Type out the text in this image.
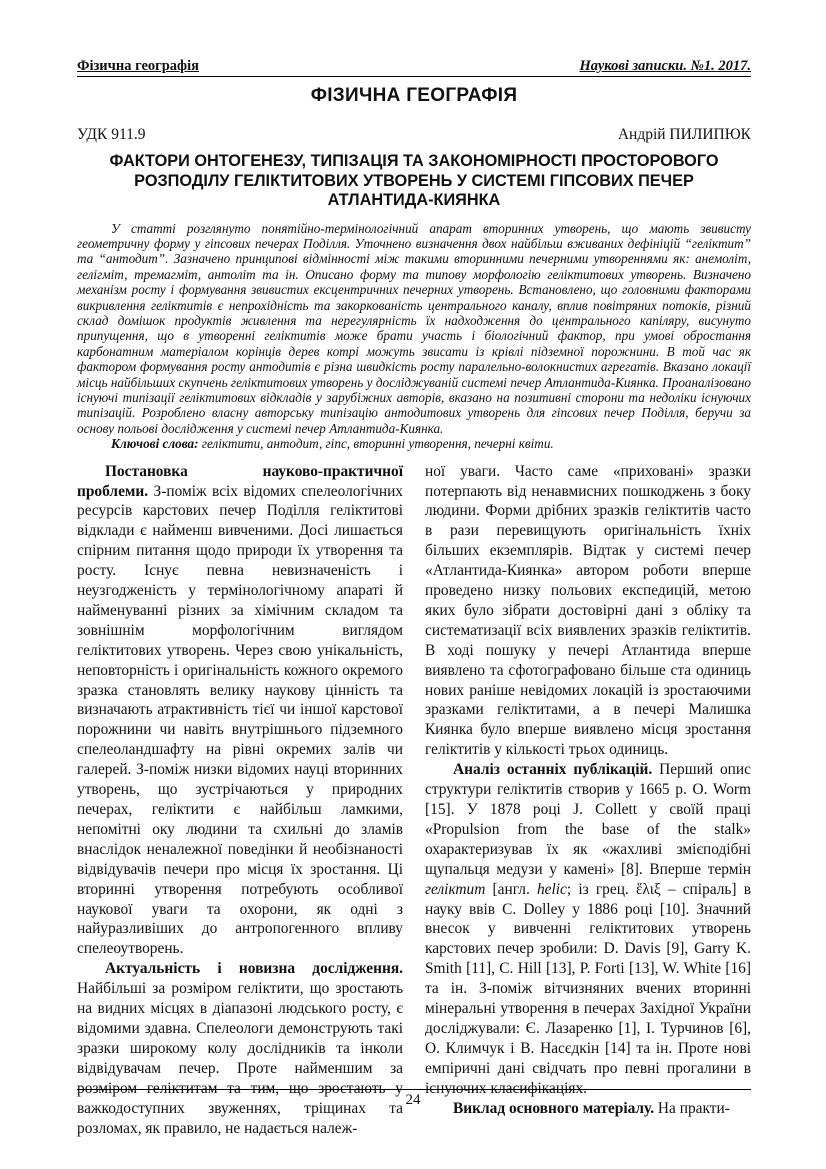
Фізична географія	Наукові записки. №1. 2017.
ФІЗИЧНА ГЕОГРАФІЯ
УДК 911.9	Андрій ПИЛИПЮК
ФАКТОРИ ОНТОГЕНЕЗУ, ТИПІЗАЦІЯ ТА ЗАКОНОМІРНОСТІ ПРОСТОРОВОГО
РОЗПОДІЛУ ГЕЛІКТИТОВИХ УТВОРЕНЬ У СИСТЕМІ ГІПСОВИХ ПЕЧЕР
АТЛАНТИДА-КИЯНКА
У статті розглянуто понятійно-термінологічний апарат вторинних утворень, що мають звивисту геометричну форму у гіпсових печерах Поділля. Уточнено визначення двох найбільш вживаних дефініцій “геліктит” та “антодит”. Зазначено принципові відмінності між такими вторинними печерними утвореннями як: анемоліт, гелігміт, тремагміт, антоліт та ін. Описано форму та типову морфологію геліктитових утворень. Визначено механізм росту і формування звивистих ексцентричних печерних утворень. Встановлено, що головними факторами викривлення геліктитів є непрохідність та закорковaність центрального каналу, вплив повітряних потоків, різний склад домішок продуктів живлення та нерегулярність їх надходження до центрального капіляру, висунуто припущення, що в утворенні геліктитів може брати участь і біологічний фактор, при умові обростання карбонатним матеріалом корінців дерев котрі можуть звисати із крівлі підземної порожнини. В той час як фактором формування росту антодитів є різна швидкість росту паралельно-волокнистих агрегатів. Вказано локації місць найбільших скупчень геліктитових утворень у досліджуваній системі печер Атлантида-Киянка. Проаналізовано існуючі типізації геліктитових відкладів у зарубіжних авторів, вказано на позитивні сторони та недоліки існуючих типізацій. Розроблено власну авторську типізацію антодитових утворень для гіпсових печер Поділля, беручи за основу польові дослідження у системі печер Атлантида-Киянка.
Ключові слова: геліктити, антодит, гіпс, вторинні утворення, печерні квіти.

Постановка науково-практичної проблеми. З-поміж всіх відомих спелеологічних ресурсів карстових печер Поділля геліктитові відклади є найменш вивченими. Досі лишається спірним питання щодо природи їх утворення та росту. Існує певна невизначеність і неузгодженість у термінологічному апараті й найменуванні різних за хімічним складом та зовнішнім морфологічним виглядом геліктитових утворень. Через свою унікальність, неповторність і оригінальність кожного окремого зразка становлять велику наукову цінність та визначають атрактивність тієї чи іншої карстової порожнини чи навіть внутрішнього підземного спелеоландшафту на рівні окремих залів чи галерей. З-поміж низки відомих науці вторинних утворень, що зустрічаються у природних печерах, геліктити є найбільш ламкими, непомітні оку людини та схильні до зламів внаслідок неналежної поведінки й необізнаності відвідувачів печери про місця їх зростання. Ці вторинні утворення потребують особливої наукової уваги та охорони, як одні з найуразливіших до антропогенного впливу спелеоутворень.

Актуальність і новизна дослідження. Найбільші за розміром геліктити, що зростають на видних місцях в діапазоні людського росту, є відомими здавна. Спелеологи демонструють такі зразки широкому колу дослідників та інколи відвідувачам печер. Проте найменшим за розміром геліктитам та тим, що зростають у важкодоступних звуженнях, тріщинах та розломах, як правило, не надається належ-

ної уваги. Часто саме «приховані» зразки потерпають від ненавмисних пошкоджень з боку людини. Форми дрібних зразків геліктитів часто в рази перевищують оригінальність їхніх більших екземплярів. Відтак у системі печер «Атлантида-Киянка» автором роботи вперше проведено низку польових експедицій, метою яких було зібрати достовірні дані з обліку та систематизації всіх виявлених зразків геліктитів. В ході пошуку у печері Атлантида вперше виявлено та сфотографовано більше ста одиниць нових раніше невідомих локацій із зростаючими зразками геліктитами, а в печері Малишка Киянка було вперше виявлено місця зростання геліктитів у кількості трьох одиниць.

Аналіз останніх публікацій. Перший опис структури геліктитів створив у 1665 р. O. Worm [15]. У 1878 році J. Collett у своїй праці «Propulsion from the base of the stalk» охарактеризував їх як «жахливі змієподібні щупальця медузи у камені» [8]. Вперше термін геліктит [англ. helic; із грец. ἕλιξ – спіраль] в науку ввів C. Dolley у 1886 році [10]. Значний внесок у вивченні геліктитових утворень карстових печер зробили: D. Davis [9], Garry K. Smith [11], C. Hill [13], P. Forti [13], W. White [16] та ін. З-поміж вітчизняних вчених вторинні мінеральні утворення в печерах Західної України досліджували: Є. Лазаренко [1], І. Турчинов [6], О. Климчук і В. Насєдкін [14] та ін. Проте нові емпіричні дані свідчать про певні прогалини в існуючих класифікаціях.

Виклад основного матеріалу. На практи-

24
